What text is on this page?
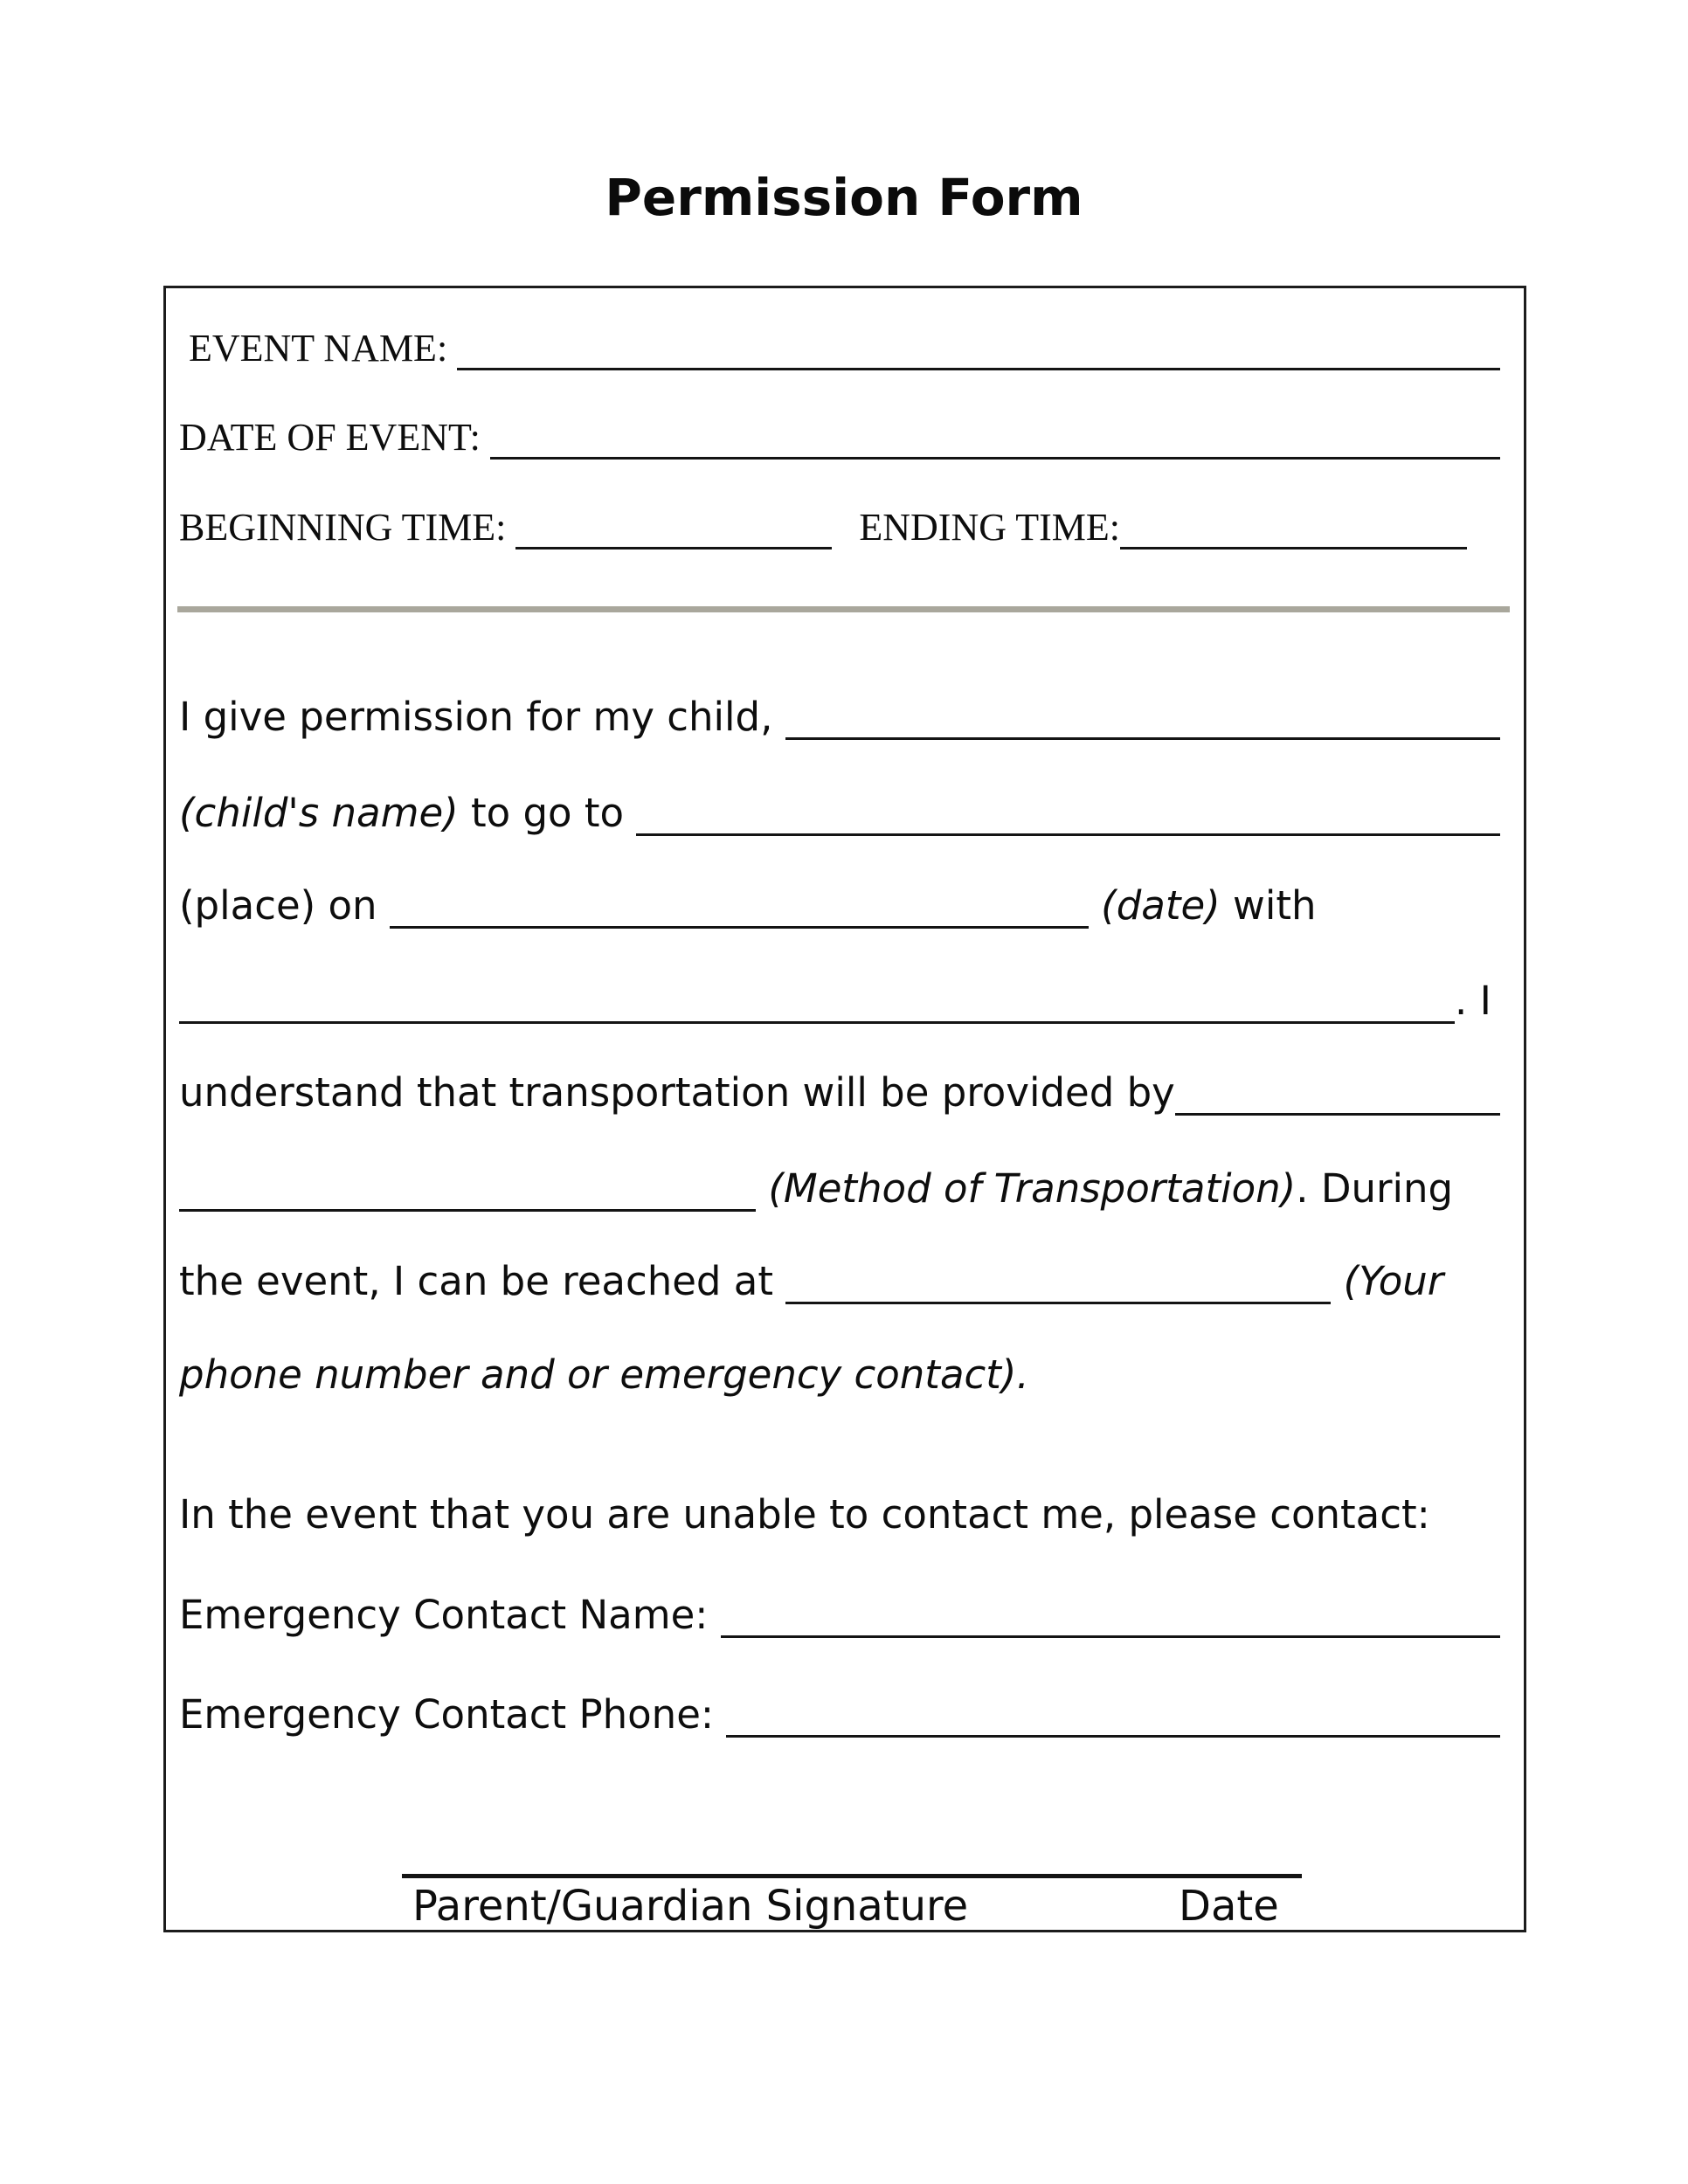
Permission Form
EVENT NAME:
DATE OF EVENT:
BEGINNING TIME:	ENDING TIME:
I give permission for my child,
(child's name) to go to
(place) on
	(date) with
. I
understand that transportation will be provided by

(Method of Transportation) . During
the event, I can be reached at
	(Your
phone number and or emergency contact).
In the event that you are unable to contact me, please contact:
Emergency Contact Name:
Emergency Contact Phone:
Parent/Guardian Signature	Date
